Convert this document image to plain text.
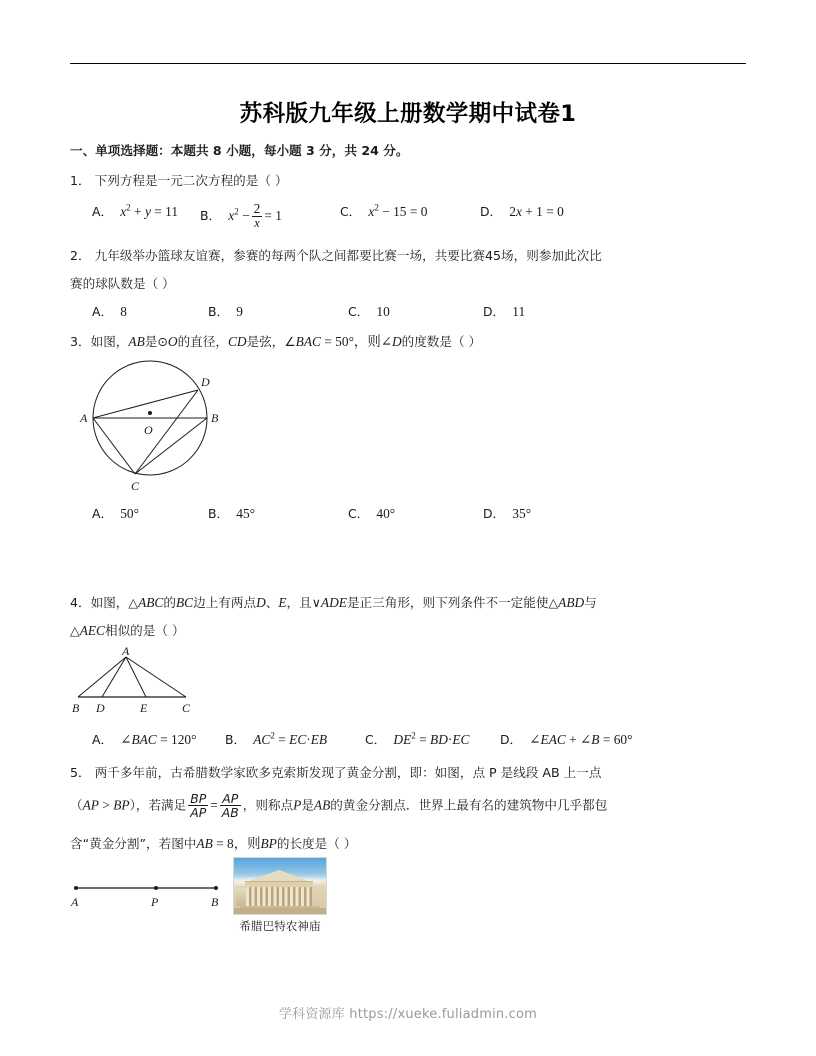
苏科版九年级上册数学期中试卷1
一、单项选择题：本题共 8 小题，每小题 3 分，共 24 分。
1． 下列方程是一元二次方程的是（ ）
A．  $x^2 + y = 11$ B．  $x^2 - \frac{2}{x} = 1$	C．  $x^2 - 15 = 0$	D．  2x + 1 = 0
2． 九年级举办篮球友谊赛，参赛的每两个队之间都要比赛一场，共要比赛45场，则参加此次比
赛的球队数是（ ）
A． 8	B． 9	C． 10	D． 11
3．如图，AB是⊙O的直径，CD是弦，∠BAC = 50°，则∠D的度数是（ ）
A	B
C
D
O
A． 50°	B． 45°	C． 40°	D． 35°
4．如图，△ABC的BC边上有两点D、E，且∨ADE是正三角形，则下列条件不一定能使△ABD与
△AEC相似的是（ ）
A
B D	E	C
A．  ∠BAC = 120° B．  $AC^2 = EC\cdot EB$	C．  $DE^2 = BD\cdot EC$ D．  ∠EAC + ∠B = 60°
5． 两千多年前，古希腊数学家欧多克索斯发现了黄金分割，即：如图，点 P 是线段 AB 上一点
（AP > BP），若满足 $\frac{BP}{AP} = \frac{AP}{AB}$ ，则称点P是AB的黄金分割点．世界上最有名的建筑物中几乎都包
含“黄金分割”，若图中AB = 8，则BP的长度是（ ）
A	P	B
希腊巴特农神庙
学科资源库 https://xueke.fuliadmin.com
